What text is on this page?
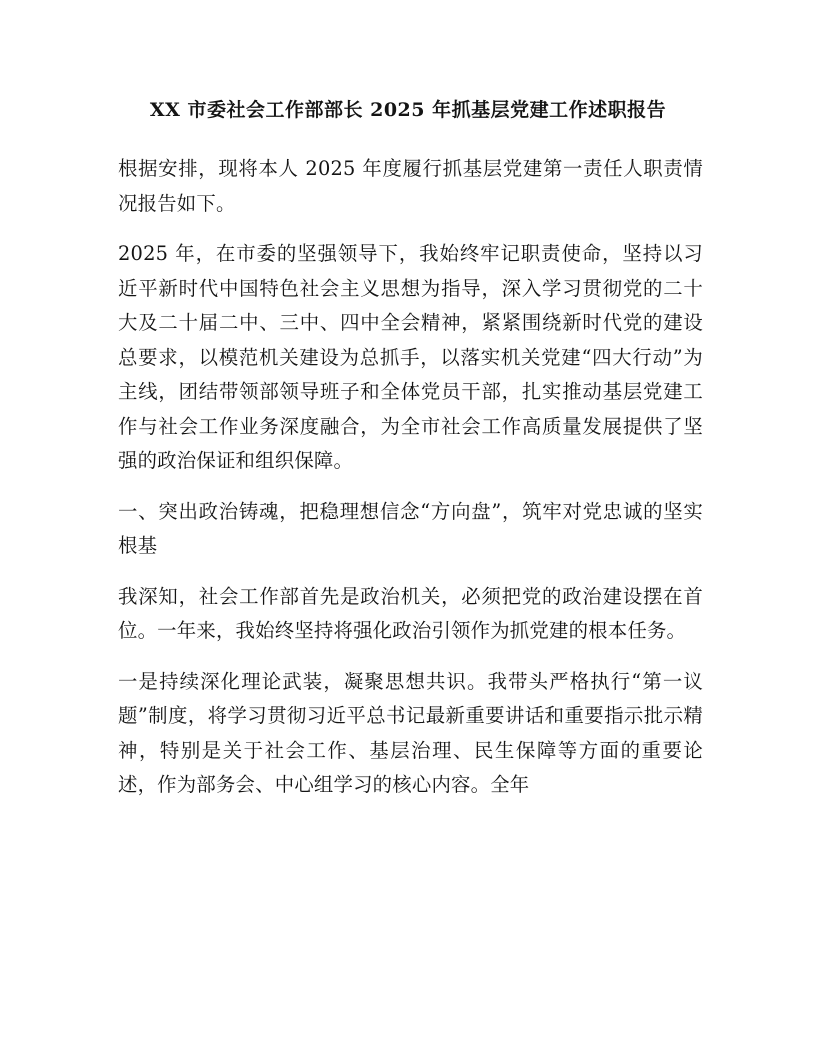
XX 市委社会工作部部长 2025 年抓基层党建工作述职报告

根据安排，现将本人 2025 年度履行抓基层党建第一责任人职责情况报告如下。

2025 年，在市委的坚强领导下，我始终牢记职责使命，坚持以习近平新时代中国特色社会主义思想为指导，深入学习贯彻党的二十大及二十届二中、三中、四中全会精神，紧紧围绕新时代党的建设总要求，以模范机关建设为总抓手，以落实机关党建“四大行动”为主线，团结带领部领导班子和全体党员干部，扎实推动基层党建工作与社会工作业务深度融合，为全市社会工作高质量发展提供了坚强的政治保证和组织保障。

一、突出政治铸魂，把稳理想信念“方向盘”，筑牢对党忠诚的坚实根基

我深知，社会工作部首先是政治机关，必须把党的政治建设摆在首位。一年来，我始终坚持将强化政治引领作为抓党建的根本任务。

一是持续深化理论武装，凝聚思想共识。我带头严格执行“第一议题”制度，将学习贯彻习近平总书记最新重要讲话和重要指示批示精神，特别是关于社会工作、基层治理、民生保障等方面的重要论述，作为部务会、中心组学习的核心内容。全年
